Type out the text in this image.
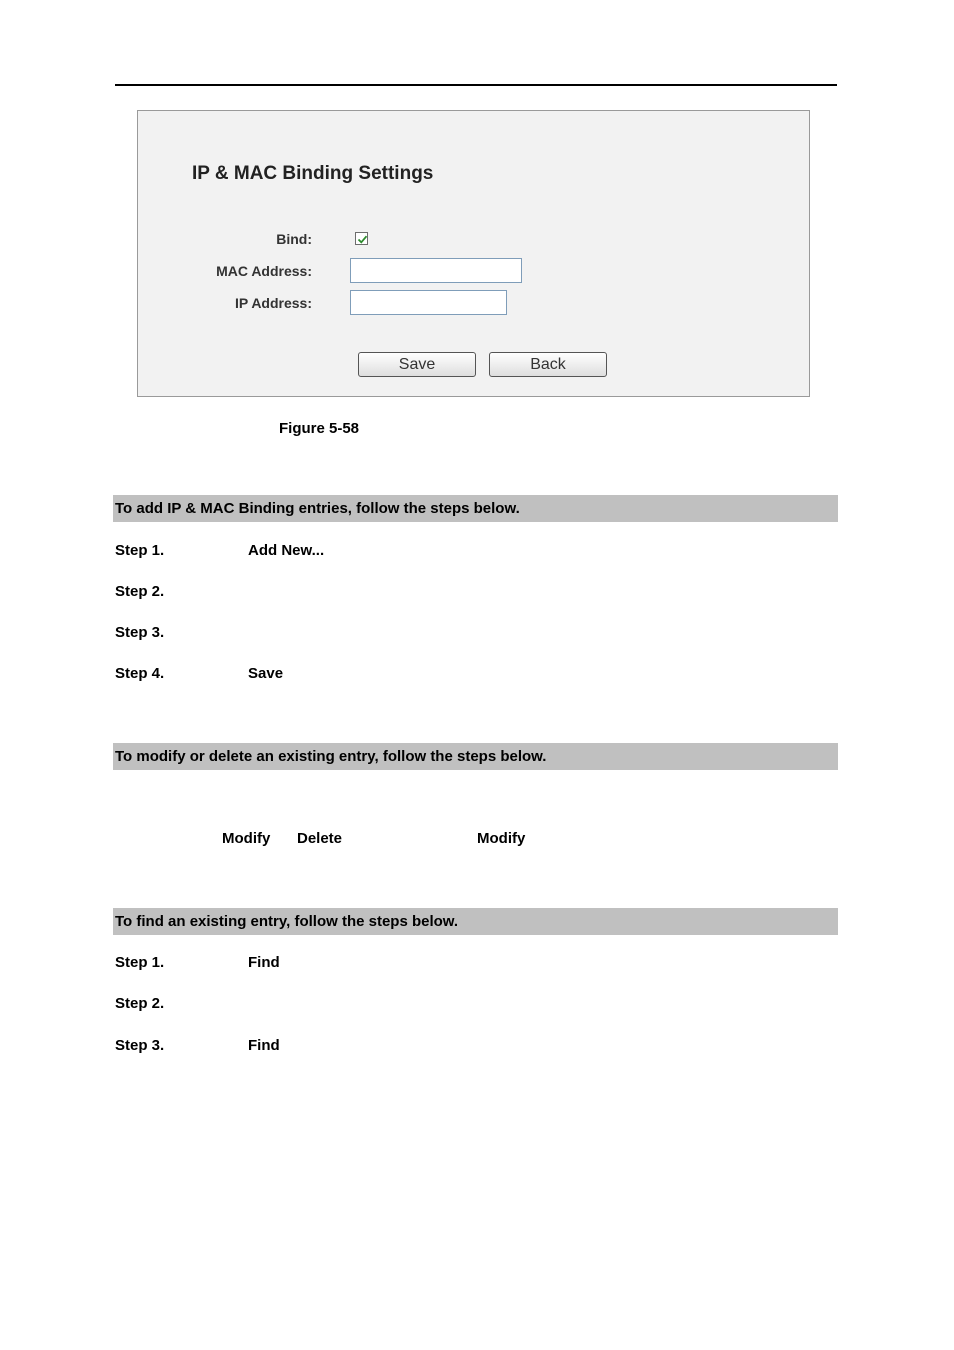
IP & MAC Binding Settings
Bind:
MAC Address:
IP Address:
Save	Back
Figure 5-58
To add IP & MAC Binding entries, follow the steps below.
Step 1.	Add New...
Step 2.
Step 3.
Step 4.	Save
To modify or delete an existing entry, follow the steps below.
Modify Delete	Modify
To find an existing entry, follow the steps below.
Step 1.	Find
Step 2.
Step 3.	Find
